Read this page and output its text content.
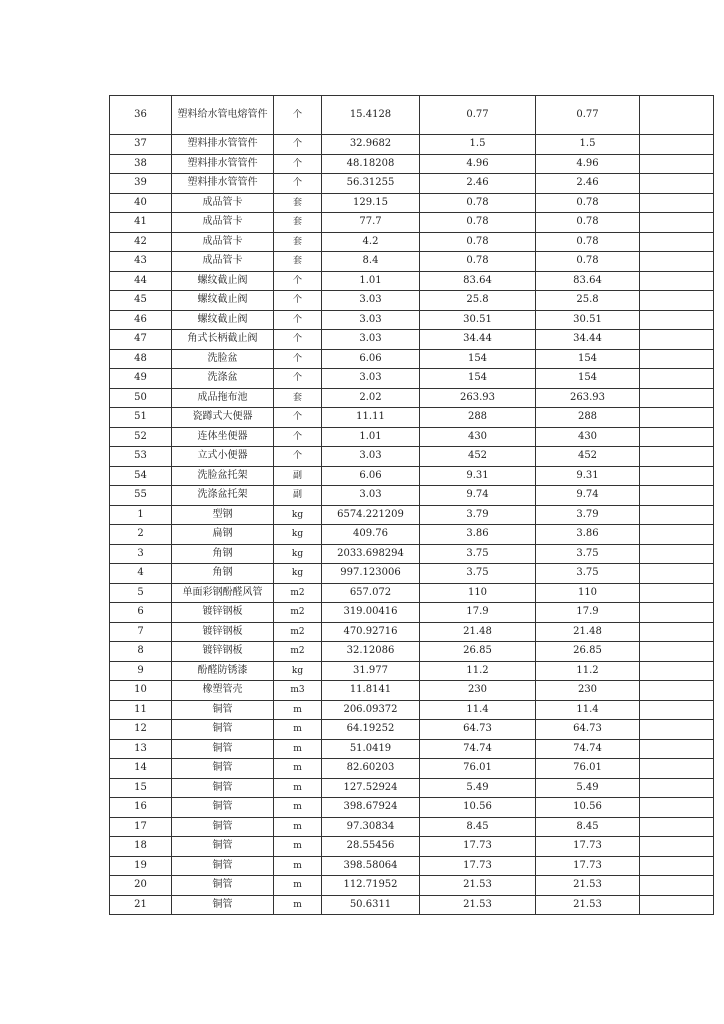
36	塑料给水管电熔管件	个	15.4128	0.77	0.77	
37	塑料排水管管件	个	32.9682	1.5	1.5	
38	塑料排水管管件	个	48.18208	4.96	4.96	
39	塑料排水管管件	个	56.31255	2.46	2.46	
40	成品管卡	套	129.15	0.78	0.78	
41	成品管卡	套	77.7	0.78	0.78	
42	成品管卡	套	4.2	0.78	0.78	
43	成品管卡	套	8.4	0.78	0.78	
44	螺纹截止阀	个	1.01	83.64	83.64	
45	螺纹截止阀	个	3.03	25.8	25.8	
46	螺纹截止阀	个	3.03	30.51	30.51	
47	角式长柄截止阀	个	3.03	34.44	34.44	
48	洗脸盆	个	6.06	154	154	
49	洗涤盆	个	3.03	154	154	
50	成品拖布池	套	2.02	263.93	263.93	
51	瓷蹲式大便器	个	11.11	288	288	
52	连体坐便器	个	1.01	430	430	
53	立式小便器	个	3.03	452	452	
54	洗脸盆托架	副	6.06	9.31	9.31	
55	洗涤盆托架	副	3.03	9.74	9.74	
1	型钢	kg	6574.221209	3.79	3.79	
2	扁钢	kg	409.76	3.86	3.86	
3	角钢	kg	2033.698294	3.75	3.75	
4	角钢	kg	997.123006	3.75	3.75	
5	单面彩钢酚醛风管	m2	657.072	110	110	
6	镀锌钢板	m2	319.00416	17.9	17.9	
7	镀锌钢板	m2	470.92716	21.48	21.48	
8	镀锌钢板	m2	32.12086	26.85	26.85	
9	酚醛防锈漆	kg	31.977	11.2	11.2	
10	橡塑管壳	m3	11.8141	230	230	
11	铜管	m	206.09372	11.4	11.4	
12	铜管	m	64.19252	64.73	64.73	
13	铜管	m	51.0419	74.74	74.74	
14	铜管	m	82.60203	76.01	76.01	
15	铜管	m	127.52924	5.49	5.49	
16	铜管	m	398.67924	10.56	10.56	
17	铜管	m	97.30834	8.45	8.45	
18	铜管	m	28.55456	17.73	17.73	
19	铜管	m	398.58064	17.73	17.73	
20	铜管	m	112.71952	21.53	21.53	
21	铜管	m	50.6311	21.53	21.53	
